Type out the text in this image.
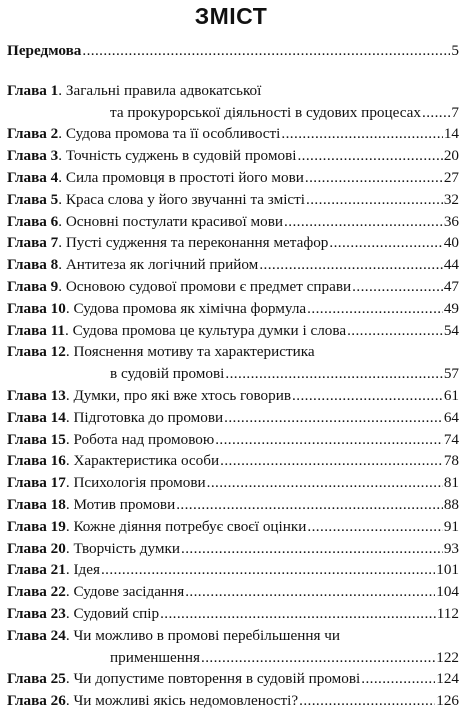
ЗМІСТ
Передмова .....	5
Глава 1 . Загальні правила адвокатської
та прокурорської діяльності в судових процесах ..... 7
Глава 2 . Судова промова та її особливості .....	14
Глава 3 . Точність суджень в судовій промові .....	20
Глава 4 . Сила промовця в простоті його мови .....	27
Глава 5 . Краса слова у його звучанні та змісті .....	32
Глава 6 . Основні постулати красивої мови .....	36
Глава 7 . Пусті судження та переконання метафор .....	40
Глава 8 . Антитеза як логічний прийом .....	44
Глава 9 . Основою судової промови є предмет справи .....	47
Глава 10 . Судова промова як хімічна формула .....	49
Глава 11 . Судова промова це культура думки і слова .....	54
Глава 12 . Пояснення мотиву та характеристика
в судовій промові .....	57
Глава 13 . Думки, про які вже хтось говорив .....	61
Глава 14 . Підготовка до промови .....	64
Глава 15 . Робота над промовою .....	74
Глава 16 . Характеристика особи .....	78
Глава 17 . Психологія промови .....	81
Глава 18 . Мотив промови .....	88
Глава 19 . Кожне діяння потребує своєї оцінки .....	91
Глава 20 . Творчість думки .....	93
Глава 21 . Ідея .....	101
Глава 22 . Судове засідання .....	104
Глава 23 . Судовий спір .....	112
Глава 24 . Чи можливо в промові перебільшення чи
применшення .....	122
Глава 25 . Чи допустиме повторення в судовій промові .....	124
Глава 26 . Чи можливі якісь недомовленості? .....	126
